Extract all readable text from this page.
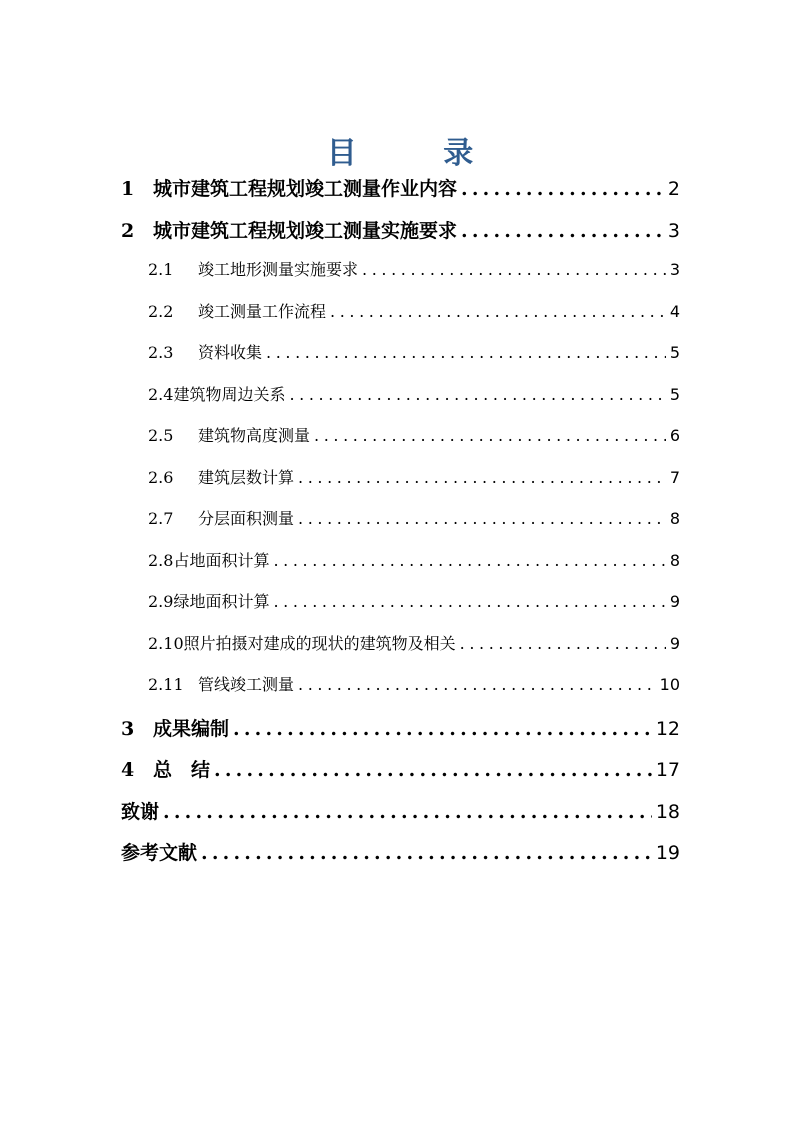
目 录
1 城市建筑工程规划竣工测量作业内容 .....	2
2 城市建筑工程规划竣工测量实施要求 .....	3
2.1	竣工地形测量实施要求 .....	3
2.2	竣工测量工作流程 .....	4
2.3	资料收集 .....	5
2.4 建筑物周边关系 .....	5
2.5	建筑物高度测量 .....	6
2.6	建筑层数计算 .....	7
2.7	分层面积测量 .....	8
2.8 占地面积计算 .....	8
2.9 绿地面积计算 .....	9
2.10 照片拍摄对建成的现状的建筑物及相关 .....	9
2.11 管线竣工测量 .....	10
3 成果编制 .....	12
4 总　结 .....	17
致谢 .....	18
参考文献 .....	19
